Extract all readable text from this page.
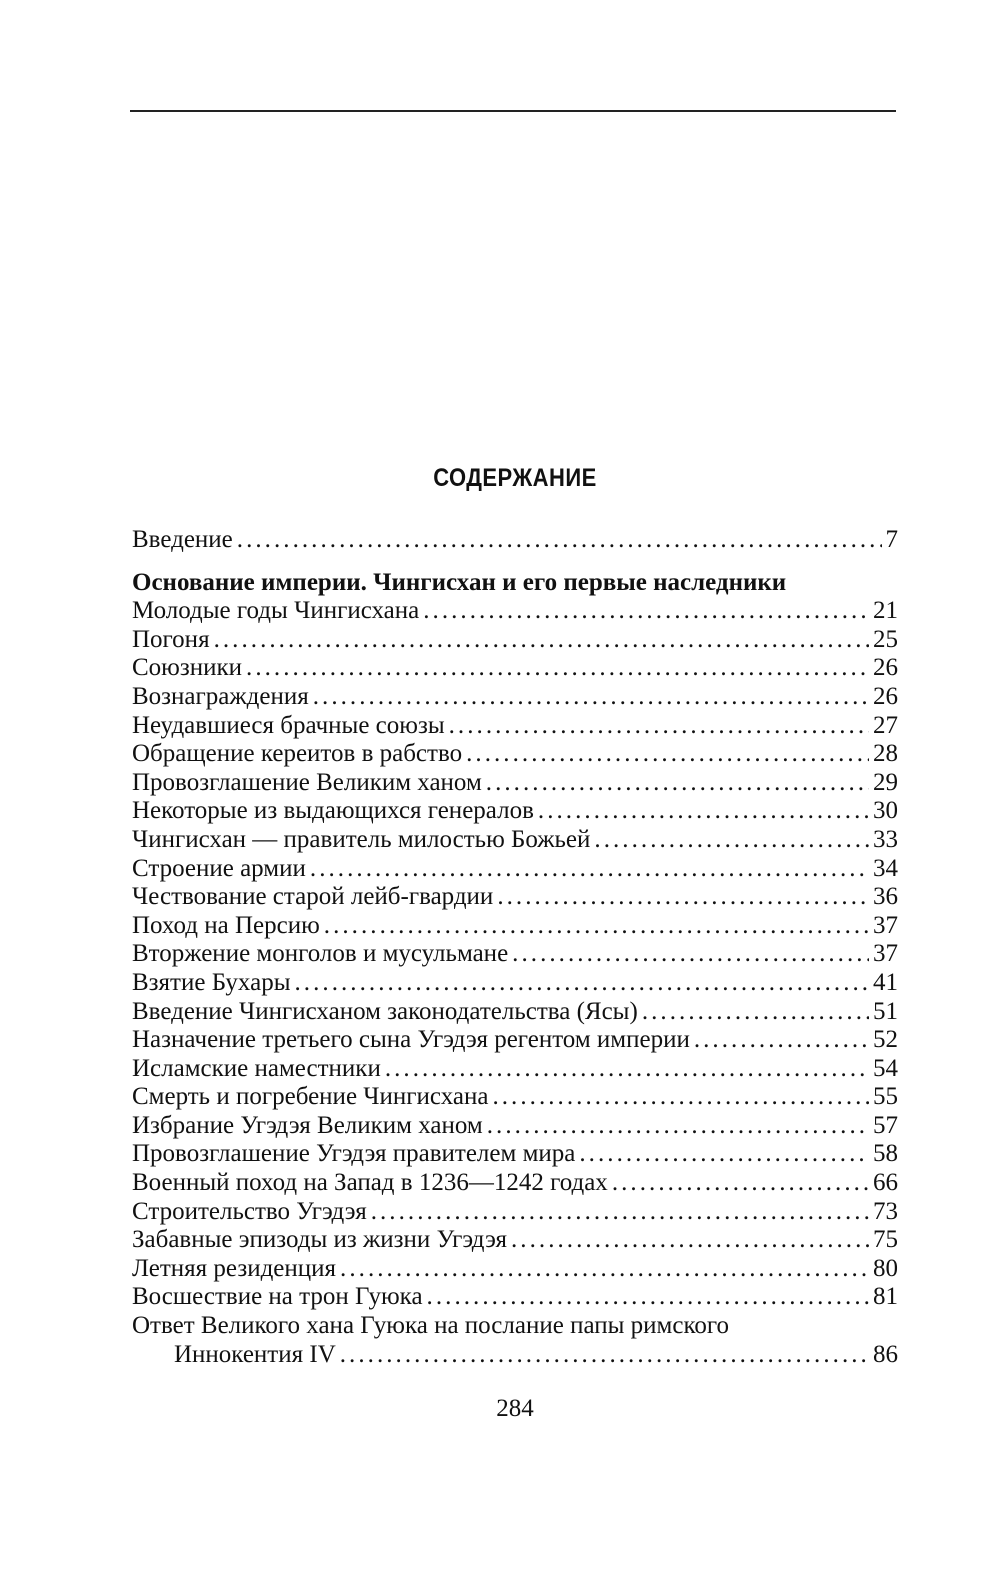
СОДЕРЖАНИЕ
Введение . . .	7
Основание империи. Чингисхан и его первые наследники
Молодые годы Чингисхана . . .	21
Погоня . . .	25
Союзники . . .	26
Вознаграждения . . .	26
Неудавшиеся брачные союзы . . .	27
Обращение кереитов в рабство . . .	28
Провозглашение Великим ханом . . .	29
Некоторые из выдающихся генералов . . .	30
Чингисхан — правитель милостью Божьей . . .	33
Строение армии . . .	34
Чествование старой лейб-гвардии . . .	36
Поход на Персию . . .	37
Вторжение монголов и мусульмане . . .	37
Взятие Бухары . . .	41
Введение Чингисханом законодательства (Ясы) . . .	51
Назначение третьего сына Угэдэя регентом империи . . .	52
Исламские наместники . . .	54
Смерть и погребение Чингисхана . . .	55
Избрание Угэдэя Великим ханом . . .	57
Провозглашение Угэдэя правителем мира . . .	58
Военный поход на Запад в 1236—1242 годах . . .	66
Строительство Угэдэя . . .	73
Забавные эпизоды из жизни Угэдэя . . .	75
Летняя резиденция . . .	80
Восшествие на трон Гуюка . . .	81
Ответ Великого хана Гуюка на послание папы римского
Иннокентия IV . . .	86
284
